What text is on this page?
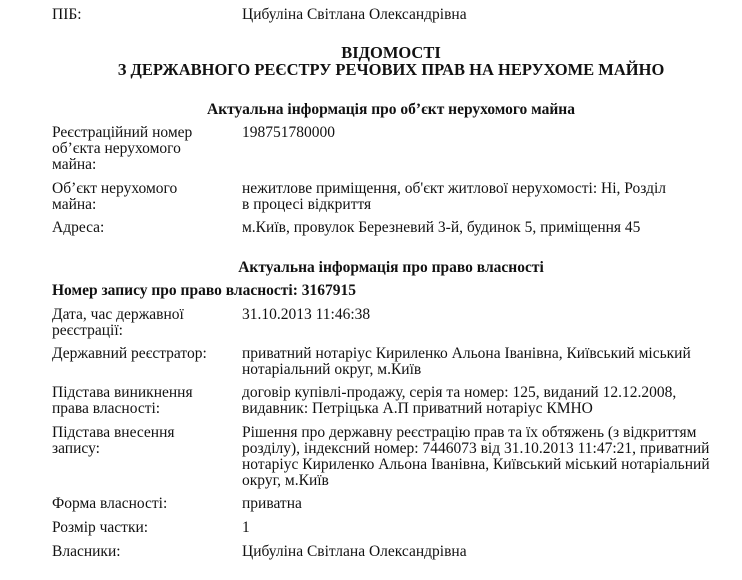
ПІБ:	Цибуліна Світлана Олександрівна
ВІДОМОСТІ
З ДЕРЖАВНОГО РЕЄСТРУ РЕЧОВИХ ПРАВ НА НЕРУХОМЕ МАЙНО
Актуальна інформація про об’єкт нерухомого майна
Реєстраційний номер об’єкта нерухомого майна:
198751780000
Об’єкт нерухомого майна:
нежитлове приміщення, об'єкт житлової нерухомості: Ні, Розділ в процесі відкриття
Адреса:	м.Київ, провулок Березневий 3-й, будинок 5, приміщення 45
Актуальна інформація про право власності
Номер запису про право власності: 3167915
Дата, час державної реєстрації:
31.10.2013 11:46:38
Державний реєстратор:	приватний нотаріус Кириленко Альона Іванівна, Київський міський нотаріальний округ, м.Київ
Підстава виникнення права власності:
договір купівлі-продажу, серія та номер: 125, виданий 12.12.2008, видавник: Петріцька А.П приватний нотаріус КМНО
Підстава внесення запису:
Рішення про державну реєстрацію прав та їх обтяжень (з відкриттям розділу), індексний номер: 7446073 від 31.10.2013 11:47:21, приватний нотаріус Кириленко Альона Іванівна, Київський міський нотаріальний округ, м.Київ
Форма власності:	приватна
Розмір частки:	1
Власники:	Цибуліна Світлана Олександрівна
